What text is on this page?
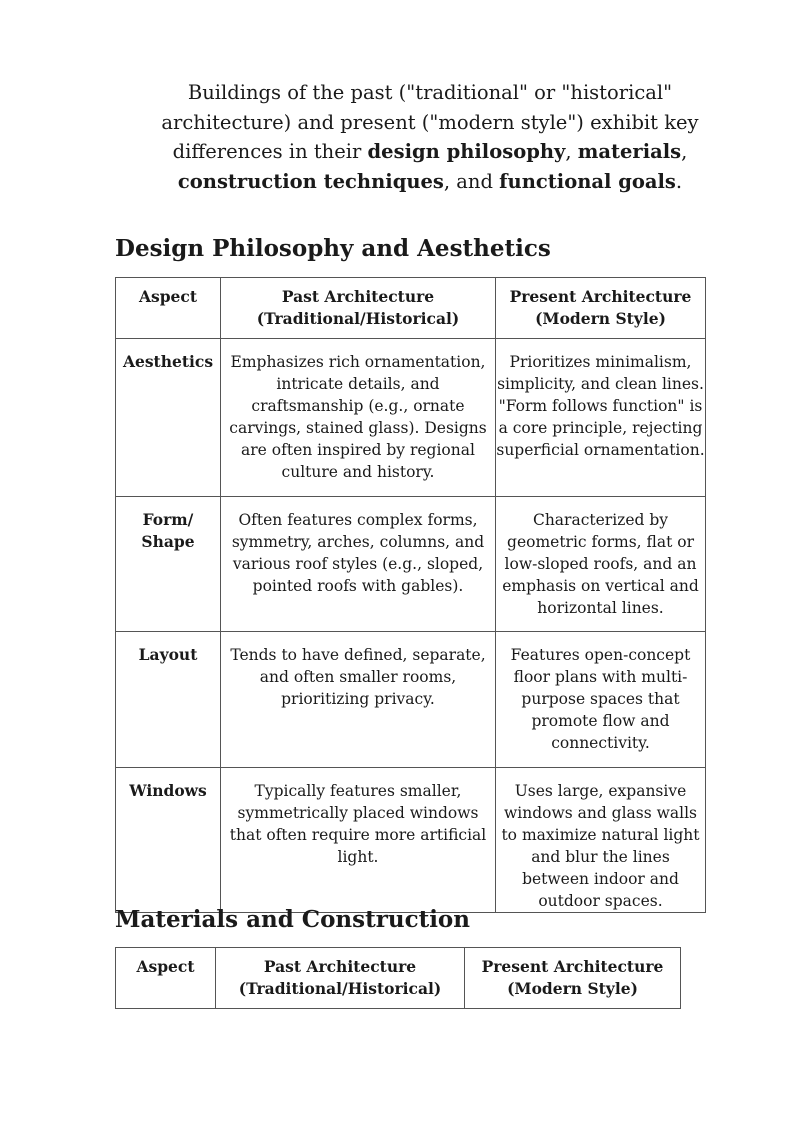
Buildings of the past ("traditional" or "historical" architecture) and present ("modern style") exhibit key differences in their design philosophy, materials, construction techniques, and functional goals.
Design Philosophy and Aesthetics
Aspect	Past Architecture (Traditional/Historical)	Present Architecture (Modern Style)
Aesthetics	Emphasizes rich ornamentation, intricate details, and craftsmanship (e.g., ornate carvings, stained glass). Designs are often inspired by regional culture and history.	Prioritizes minimalism, simplicity, and clean lines. "Form follows function" is a core principle, rejecting superficial ornamentation.
Form/ Shape	Often features complex forms, symmetry, arches, columns, and various roof styles (e.g., sloped, pointed roofs with gables).	Characterized by geometric forms, flat or low-sloped roofs, and an emphasis on vertical and horizontal lines.
Layout	Tends to have defined, separate, and often smaller rooms, prioritizing privacy.	Features open-concept floor plans with multi-purpose spaces that promote flow and connectivity.
Windows	Typically features smaller, symmetrically placed windows that often require more artificial light.	Uses large, expansive windows and glass walls to maximize natural light and blur the lines between indoor and outdoor spaces.
Materials and Construction
Aspect	Past Architecture (Traditional/Historical)	Present Architecture (Modern Style)
